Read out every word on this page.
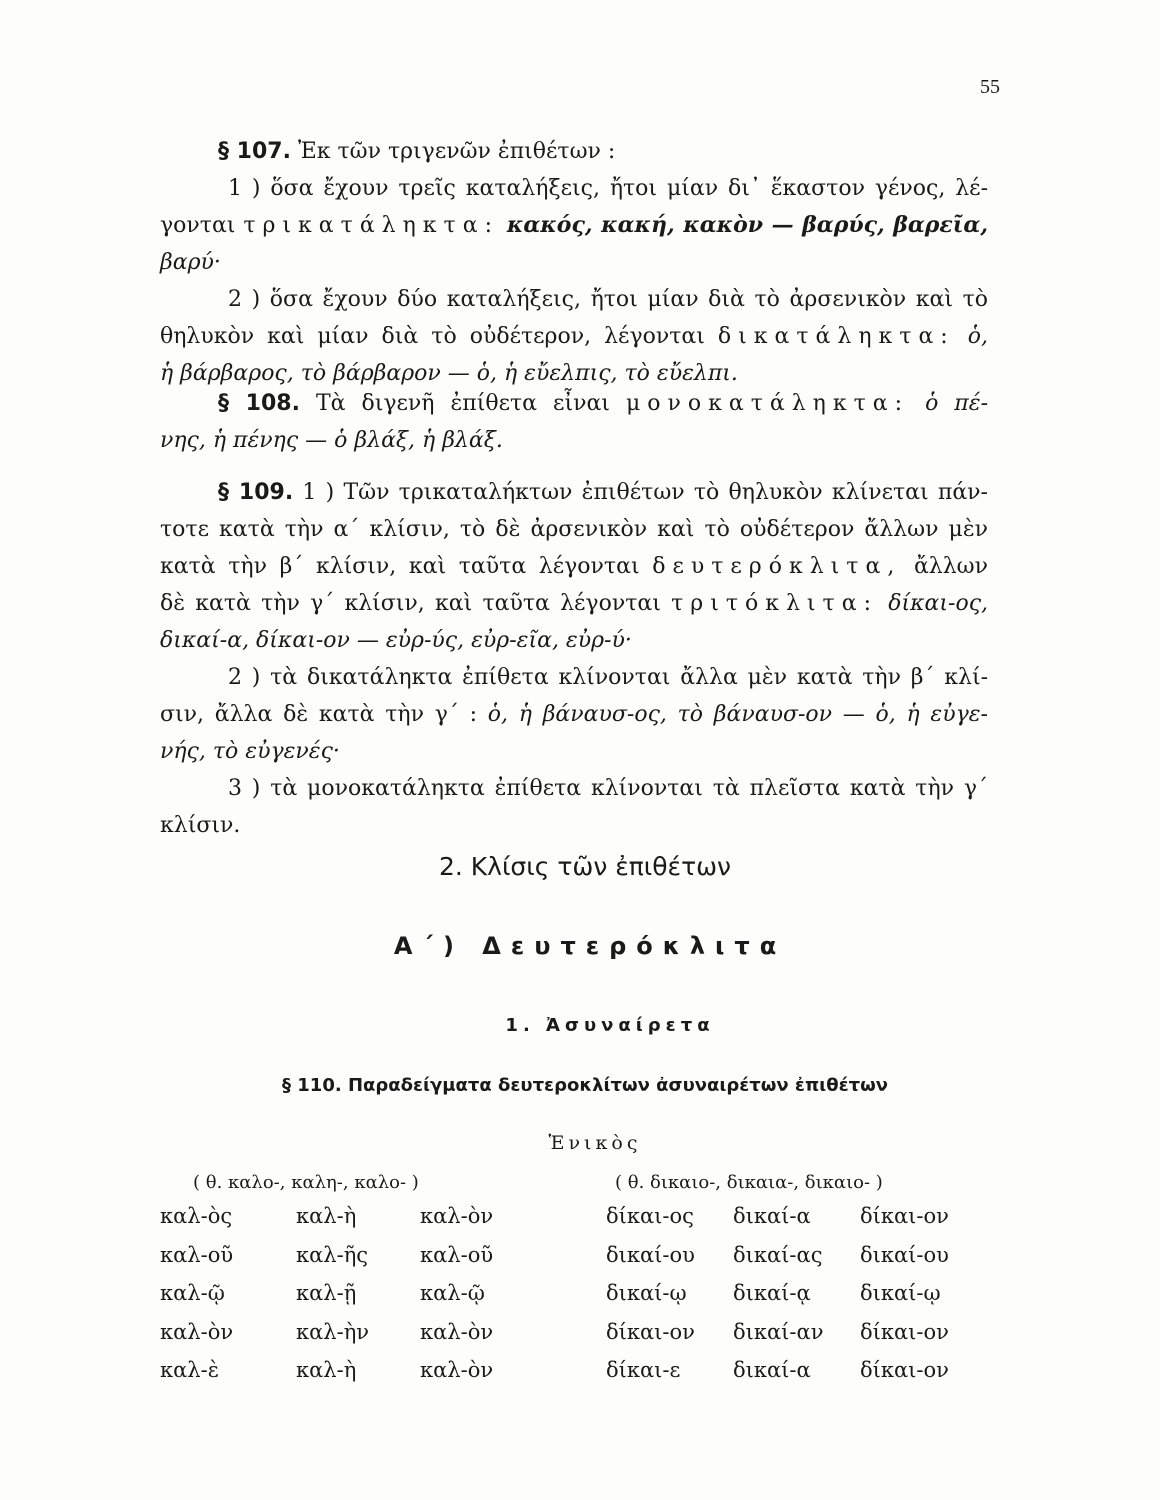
55
§ 107. Ἐκ τῶν τριγενῶν ἐπιθέτων :
1 ) ὅσα ἔχουν τρεῖς καταλήξεις, ἤτοι μίαν δι᾽ ἕκαστον γένος, λέ-
γονται τρικατάληκτα: κακός, κακή, κακὸν — βαρύς, βαρεῖα,
βαρύ·
2 ) ὅσα ἔχουν δύο καταλήξεις, ἤτοι μίαν διὰ τὸ ἀρσενικὸν καὶ τὸ
θηλυκὸν καὶ μίαν διὰ τὸ οὐδέτερον, λέγονται δικατάληκτα: ὁ,
ἡ βάρβαρος, τὸ βάρβαρον — ὁ, ἡ εὔελπις, τὸ εὔελπι.
§ 108. Τὰ διγενῆ ἐπίθετα εἶναι μονοκατάληκτα: ὁ πέ-
νης, ἡ πένης — ὁ βλάξ, ἡ βλάξ.
§ 109. 1 ) Τῶν τρικαταλήκτων ἐπιθέτων τὸ θηλυκὸν κλίνεται πάν-
τοτε κατὰ τὴν α΄ κλίσιν, τὸ δὲ ἀρσενικὸν καὶ τὸ οὐδέτερον ἄλλων μὲν
κατὰ τὴν β΄ κλίσιν, καὶ ταῦτα λέγονται δευτερόκλιτα, ἄλλων
δὲ κατὰ τὴν γ΄ κλίσιν, καὶ ταῦτα λέγονται τριτόκλιτα: δίκαι-ος,
δικαί-α, δίκαι-ον — εὐρ-ύς, εὐρ-εῖα, εὐρ-ύ·
2 ) τὰ δικατάληκτα ἐπίθετα κλίνονται ἄλλα μὲν κατὰ τὴν β΄ κλί-
σιν, ἄλλα δὲ κατὰ τὴν γ΄ : ὁ, ἡ βάναυσ-ος, τὸ βάναυσ-ον — ὁ, ἡ εὐγε-
νής, τὸ εὐγενές·
3 ) τὰ μονοκατάληκτα ἐπίθετα κλίνονται τὰ πλεῖστα κατὰ τὴν γ΄
κλίσιν.
2. Κλίσις τῶν ἐπιθέτων
Α΄) Δευτερόκλιτα
1. Ἀσυναίρετα
§ 110. Παραδείγματα δευτεροκλίτων ἀσυναιρέτων ἐπιθέτων
Ἑνικὸς
( θ. καλο-, καλη-, καλο- )	( θ. δικαιο-, δικαια-, δικαιο- )
καλ-ὸς	καλ-ὴ	καλ-ὸν	δίκαι-ος δικαί-α δίκαι-ον
καλ-οῦ	καλ-ῆς καλ-οῦ	δικαί-ου δικαί-ας δικαί-ου
καλ-ῷ	καλ-ῇ	καλ-ῷ	δικαί-ῳ δικαί-ᾳ δικαί-ῳ
καλ-ὸν	καλ-ὴν καλ-ὸν	δίκαι-ον δικαί-αν δίκαι-ον
καλ-ὲ	καλ-ὴ	καλ-ὸν	δίκαι-ε	δικαί-α δίκαι-ον
